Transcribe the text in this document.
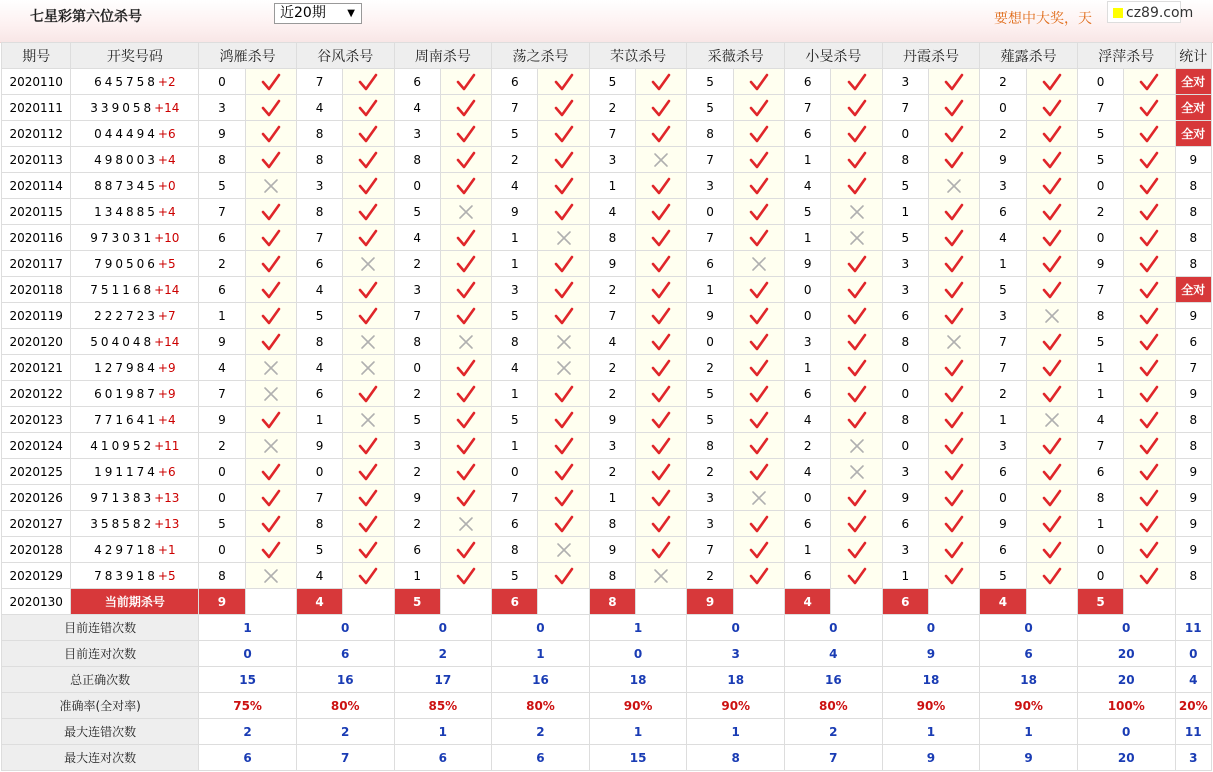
七星彩第六位杀号	近20期 ▼	要想中大奖，天	cz89.com
期号	开奖号码	鸿雁杀号		谷风杀号		周南杀号		荡之杀号		芣苡杀号		采薇杀号		小旻杀号		丹霞杀号		薤露杀号		浮萍杀号		统计
2020110	645758+2	0		7		6		6		5		5		6		3		2		0		全对
2020111	339058+14	3		4		4		7		2		5		7		7		0		7		全对
2020112	044494+6	9		8		3		5		7		8		6		0		2		5		全对
2020113	498003+4	8		8		8		2		3		7		1		8		9		5		9
2020114	887345+0	5		3		0		4		1		3		4		5		3		0		8
2020115	134885+4	7		8		5		9		4		0		5		1		6		2		8
2020116	973031+10	6		7		4		1		8		7		1		5		4		0		8
2020117	790506+5	2		6		2		1		9		6		9		3		1		9		8
2020118	751168+14	6		4		3		3		2		1		0		3		5		7		全对
2020119	222723+7	1		5		7		5		7		9		0		6		3		8		9
2020120	504048+14	9		8		8		8		4		0		3		8		7		5		6
2020121	127984+9	4		4		0		4		2		2		1		0		7		1		7
2020122	601987+9	7		6		2		1		2		5		6		0		2		1		9
2020123	771641+4	9		1		5		5		9		5		4		8		1		4		8
2020124	410952+11	2		9		3		1		3		8		2		0		3		7		8
2020125	191174+6	0		0		2		0		2		2		4		3		6		6		9
2020126	971383+13	0		7		9		7		1		3		0		9		0		8		9
2020127	358582+13	5		8		2		6		8		3		6		6		9		1		9
2020128	429718+1	0		5		6		8		9		7		1		3		6		0		9
2020129	783918+5	8		4		1		5		8		2		6		1		5		0		8
2020130	当前期杀号	9		4		5		6		8		9		4		6		4		5		
目前连错次数		1		0		0		0		1		0		0		0		0		0		11
目前连对次数		0		6		2		1		0		3		4		9		6		20		0
总正确次数		15		16		17		16		18		18		16		18		18		20		4
准确率(全对率)		75%		80%		85%		80%		90%		90%		80%		90%		90%		100%		20%
最大连错次数		2		2		1		2		1		1		2		1		1		0		11
最大连对次数		6		7		6		6		15		8		7		9		9		20		3
